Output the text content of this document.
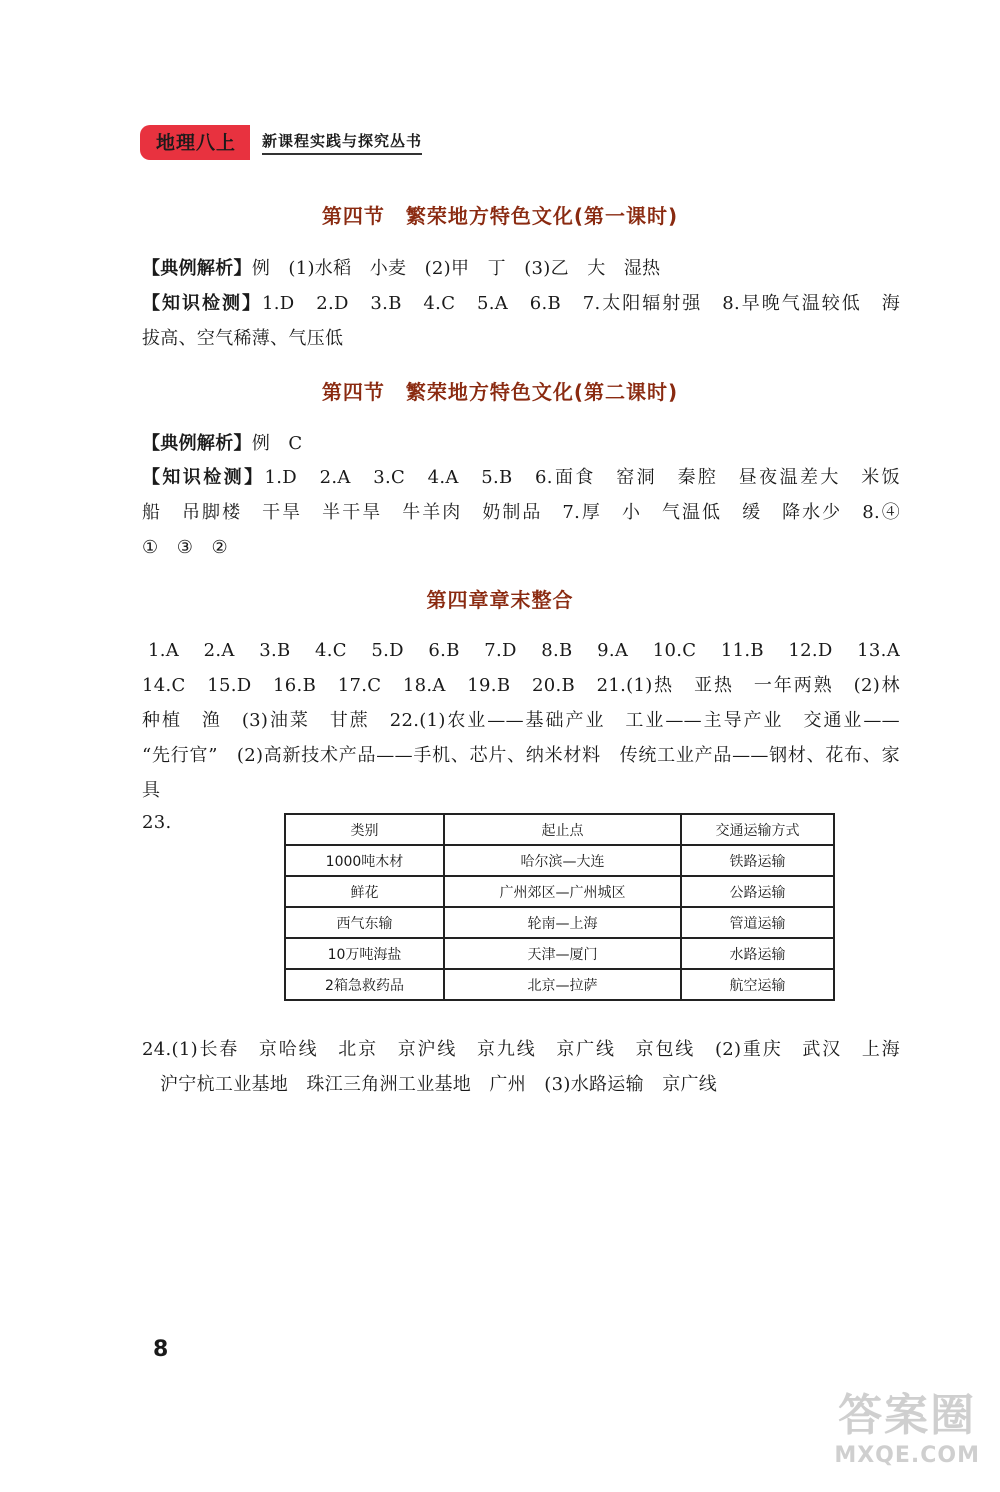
地理八上	新课程实践与探究丛书
第四节　繁荣地方特色文化(第一课时)
【典例解析】例　(1)水稻　小麦　(2)甲　丁　(3)乙　大　湿热
【知识检测】1.D　2.D　3.B　4.C　5.A　6.B　7.太阳辐射强　8.早晚气温较低　海
拔高、空气稀薄、气压低
第四节　繁荣地方特色文化(第二课时)
【典例解析】例　C
【知识检测】1.D　2.A　3.C　4.A　5.B　6.面食　窑洞　秦腔　昼夜温差大　米饭
船　吊脚楼　干旱　半干旱　牛羊肉　奶制品　7.厚　小　气温低　缓　降水少　8.④
①　③　②
第四章章末整合
1.A　2.A　3.B　4.C　5.D　6.B　7.D　8.B　9.A　10.C　11.B　12.D　13.A
14.C　15.D　16.B　17.C　18.A　19.B　20.B　21.(1)热　亚热　一年两熟　(2)林
种植　渔　(3)油菜　甘蔗　22.(1)农业——基础产业　工业——主导产业　交通业——
“先行官”　(2)高新技术产品——手机、芯片、纳米材料　传统工业产品——钢材、花布、家
具
23.	类别	起止点	交通运输方式
1000吨木材	哈尔滨—大连	铁路运输
鲜花	广州郊区—广州城区	公路运输
西气东输	轮南—上海	管道运输
10万吨海盐	天津—厦门	水路运输
2箱急救药品	北京—拉萨	航空运输
24.(1)长春　京哈线　北京　京沪线　京九线　京广线　京包线　(2)重庆　武汉　上海
沪宁杭工业基地　珠江三角洲工业基地　广州　(3)水路运输　京广线
8
答案圈
MXQE.COM
